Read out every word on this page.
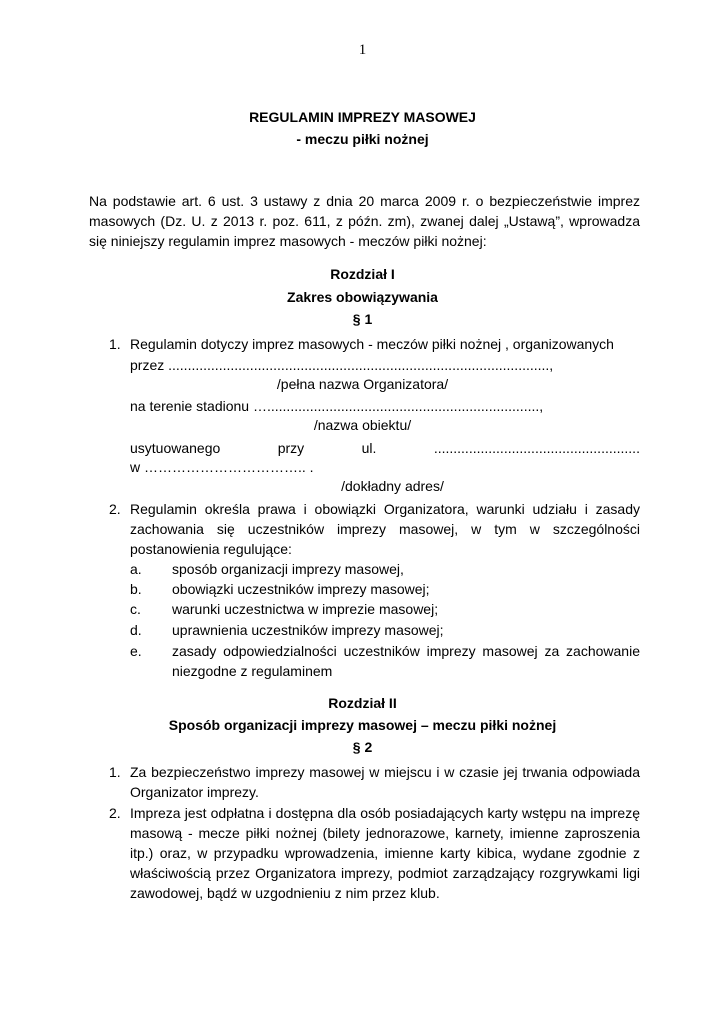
1
REGULAMIN IMPREZY MASOWEJ
- meczu piłki nożnej
Na podstawie art. 6 ust. 3 ustawy z dnia 20 marca 2009 r. o bezpieczeństwie imprez
masowych (Dz. U. z 2013 r. poz. 611, z późn. zm), zwanej dalej „Ustawą”, wprowadza
się niniejszy regulamin imprez masowych - meczów piłki nożnej:
Rozdział I
Zakres obowiązywania
§ 1
1. Regulamin dotyczy imprez masowych - meczów piłki nożnej , organizowanych
przez ..................................................................................................,
/pełna nazwa Organizatora/
na terenie stadionu …......................................................................,
/nazwa obiektu/
usytuowanego	przy	ul.	.....................................................
w …………………………….. .
/dokładny adres/
2. Regulamin określa prawa i obowiązki Organizatora, warunki udziału i zasady
zachowania się uczestników imprezy masowej, w tym w szczególności
postanowienia regulujące:
a. sposób organizacji imprezy masowej,
b. obowiązki uczestników imprezy masowej;
c. warunki uczestnictwa w imprezie masowej;
d. uprawnienia uczestników imprezy masowej;
e. zasady odpowiedzialności uczestników imprezy masowej za zachowanie
niezgodne z regulaminem
Rozdział II
Sposób organizacji imprezy masowej – meczu piłki nożnej
§ 2
1. Za bezpieczeństwo imprezy masowej w miejscu i w czasie jej trwania odpowiada
Organizator imprezy.
2. Impreza jest odpłatna i dostępna dla osób posiadających karty wstępu na imprezę
masową - mecze piłki nożnej (bilety jednorazowe, karnety, imienne zaproszenia
itp.) oraz, w przypadku wprowadzenia, imienne karty kibica, wydane zgodnie z
właściwością przez Organizatora imprezy, podmiot zarządzający rozgrywkami ligi
zawodowej, bądź w uzgodnieniu z nim przez klub.
